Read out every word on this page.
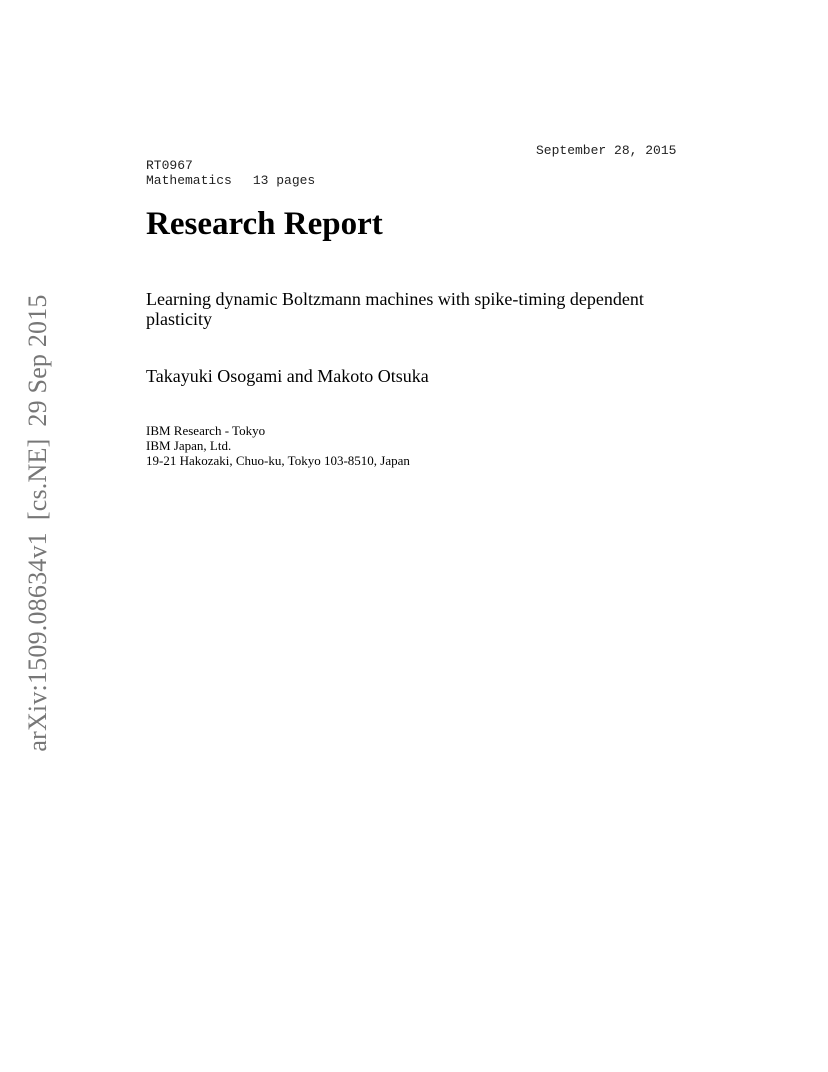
September 28, 2015
RT0967
Mathematics 13 pages
Research Report
Learning dynamic Boltzmann machines with spike-timing dependent plasticity
Takayuki Osogami and Makoto Otsuka
IBM Research - Tokyo
IBM Japan, Ltd.
19-21 Hakozaki, Chuo-ku, Tokyo 103-8510, Japan
arXiv:1509.08634v1[cs.NE]29 Sep 2015
